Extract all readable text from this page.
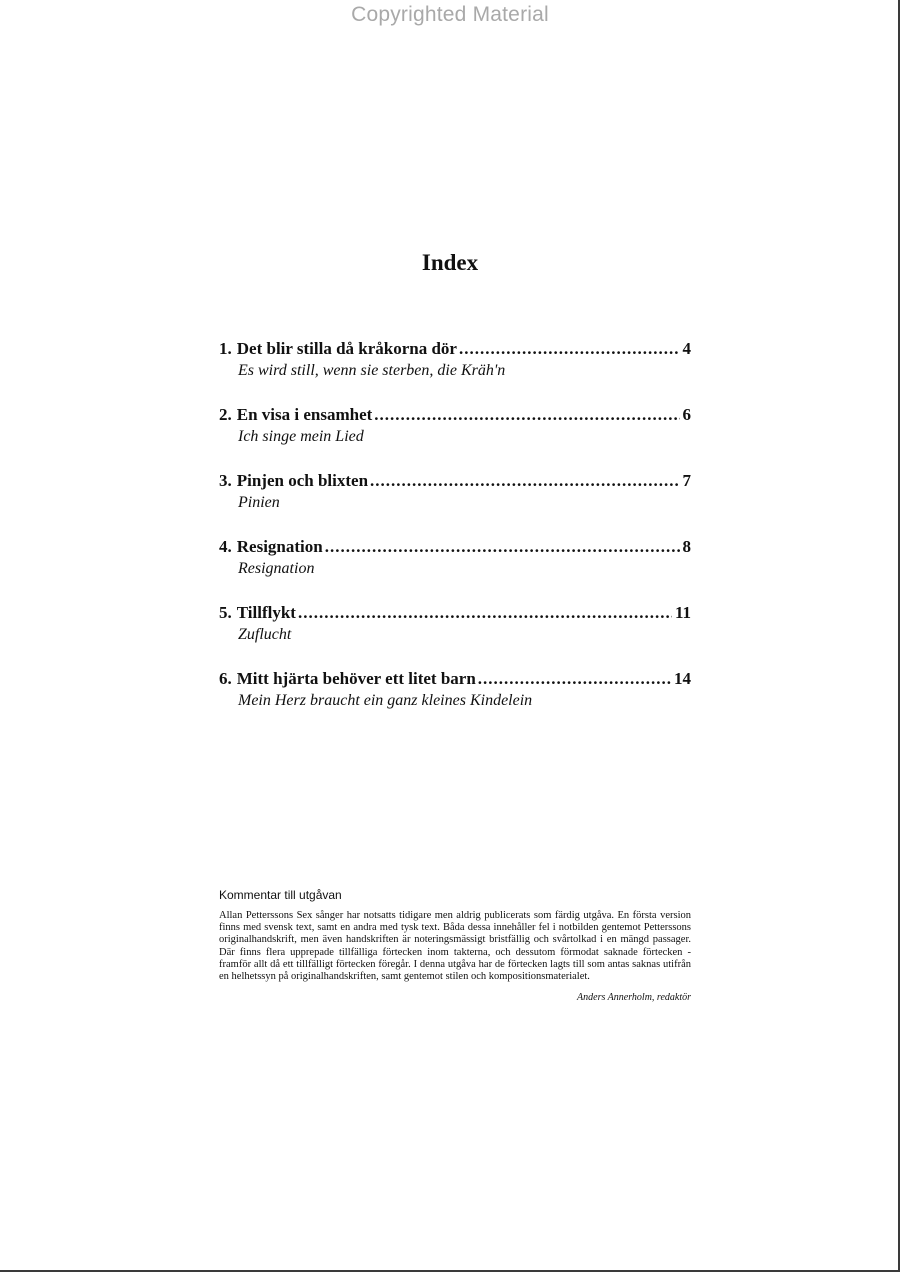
Copyrighted Material
Index
1. Det blir stilla då kråkorna dör .....	4
Es wird still, wenn sie sterben, die Kräh'n
2. En visa i ensamhet .....	6
Ich singe mein Lied
3. Pinjen och blixten .....	7
Pinien
4. Resignation .....	8
Resignation
5. Tillflykt .....	11
Zuflucht
6. Mitt hjärta behöver ett litet barn .....	14
Mein Herz braucht ein ganz kleines Kindelein
Kommentar till utgåvan
Allan Petterssons Sex sånger har notsatts tidigare men aldrig publicerats som färdig utgåva. En första version finns med svensk text, samt en andra med tysk text. Båda dessa innehåller fel i notbilden gentemot Petterssons originalhandskrift, men även handskriften är noteringsmässigt bristfällig och svårtolkad i en mängd passager. Där finns flera upprepade tillfälliga förtecken inom takterna, och dessutom förmodat saknade förtecken - framför allt då ett tillfälligt förtecken föregår. I denna utgåva har de förtecken lagts till som antas saknas utifrån en helhetssyn på originalhandskriften, samt gentemot stilen och kompositionsmaterialet.
Anders Annerholm, redaktör
